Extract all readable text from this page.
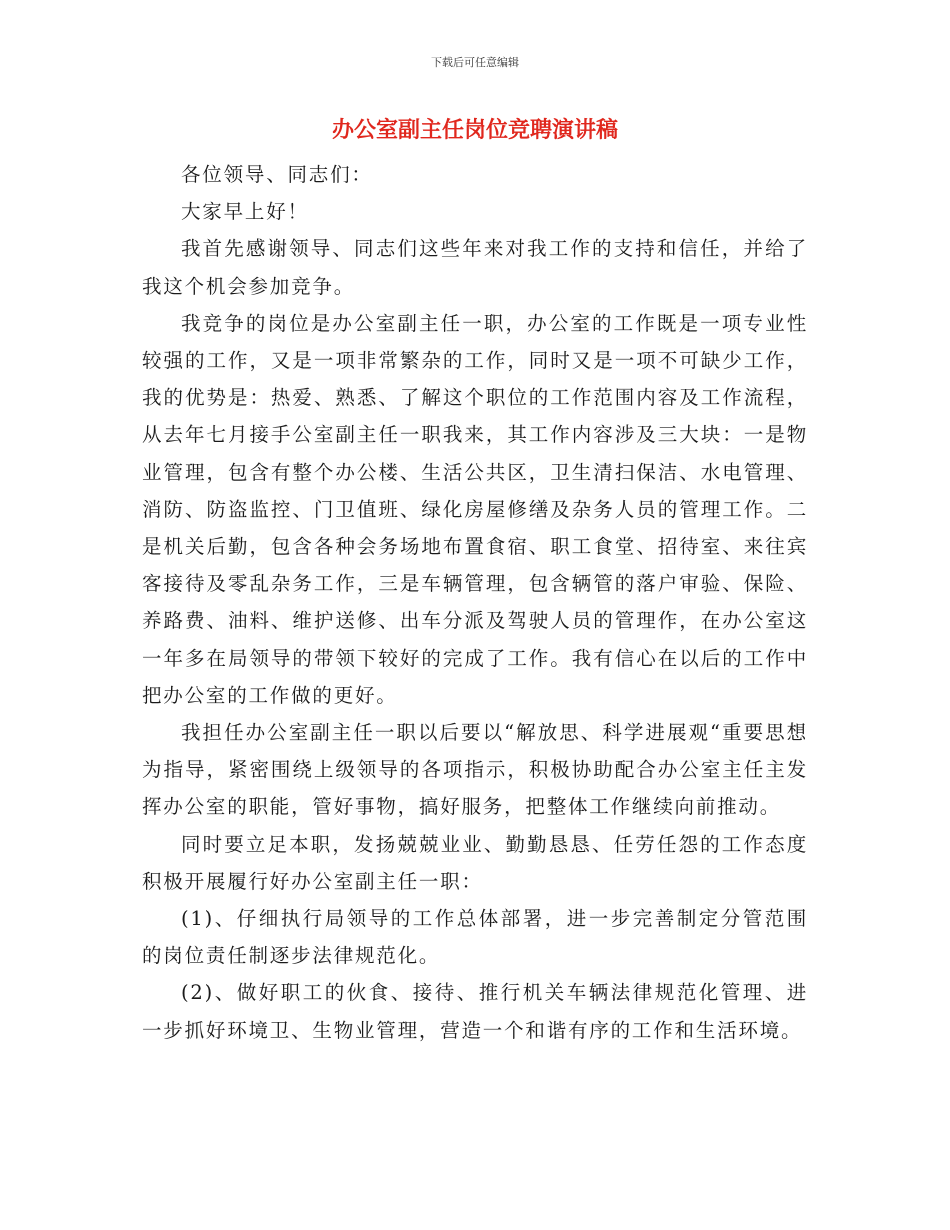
下载后可任意编辑
办公室副主任岗位竞聘演讲稿

各位领导、同志们：

大家早上好！

我首先感谢领导、同志们这些年来对我工作的支持和信任，并给了我这个机会参加竞争。

我竞争的岗位是办公室副主任一职，办公室的工作既是一项专业性较强的工作，又是一项非常繁杂的工作，同时又是一项不可缺少工作，我的优势是：热爱、熟悉、了解这个职位的工作范围内容及工作流程，从去年七月接手公室副主任一职我来，其工作内容涉及三大块：一是物业管理，包含有整个办公楼、生活公共区，卫生清扫保洁、水电管理、消防、防盗监控、门卫值班、绿化房屋修缮及杂务人员的管理工作。二是机关后勤，包含各种会务场地布置食宿、职工食堂、招待室、来往宾客接待及零乱杂务工作，三是车辆管理，包含辆管的落户审验、保险、养路费、油料、维护送修、出车分派及驾驶人员的管理作，在办公室这一年多在局领导的带领下较好的完成了工作。我有信心在以后的工作中把办公室的工作做的更好。

我担任办公室副主任一职以后要以“解放思、科学进展观“重要思想为指导，紧密围绕上级领导的各项指示，积极协助配合办公室主任主发挥办公室的职能，管好事物，搞好服务，把整体工作继续向前推动。

同时要立足本职，发扬兢兢业业、勤勤恳恳、任劳任怨的工作态度积极开展履行好办公室副主任一职：

(1)、仔细执行局领导的工作总体部署，进一步完善制定分管范围的岗位责任制逐步法律规范化。

(2)、做好职工的伙食、接待、推行机关车辆法律规范化管理、进一步抓好环境卫、生物业管理，营造一个和谐有序的工作和生活环境。
